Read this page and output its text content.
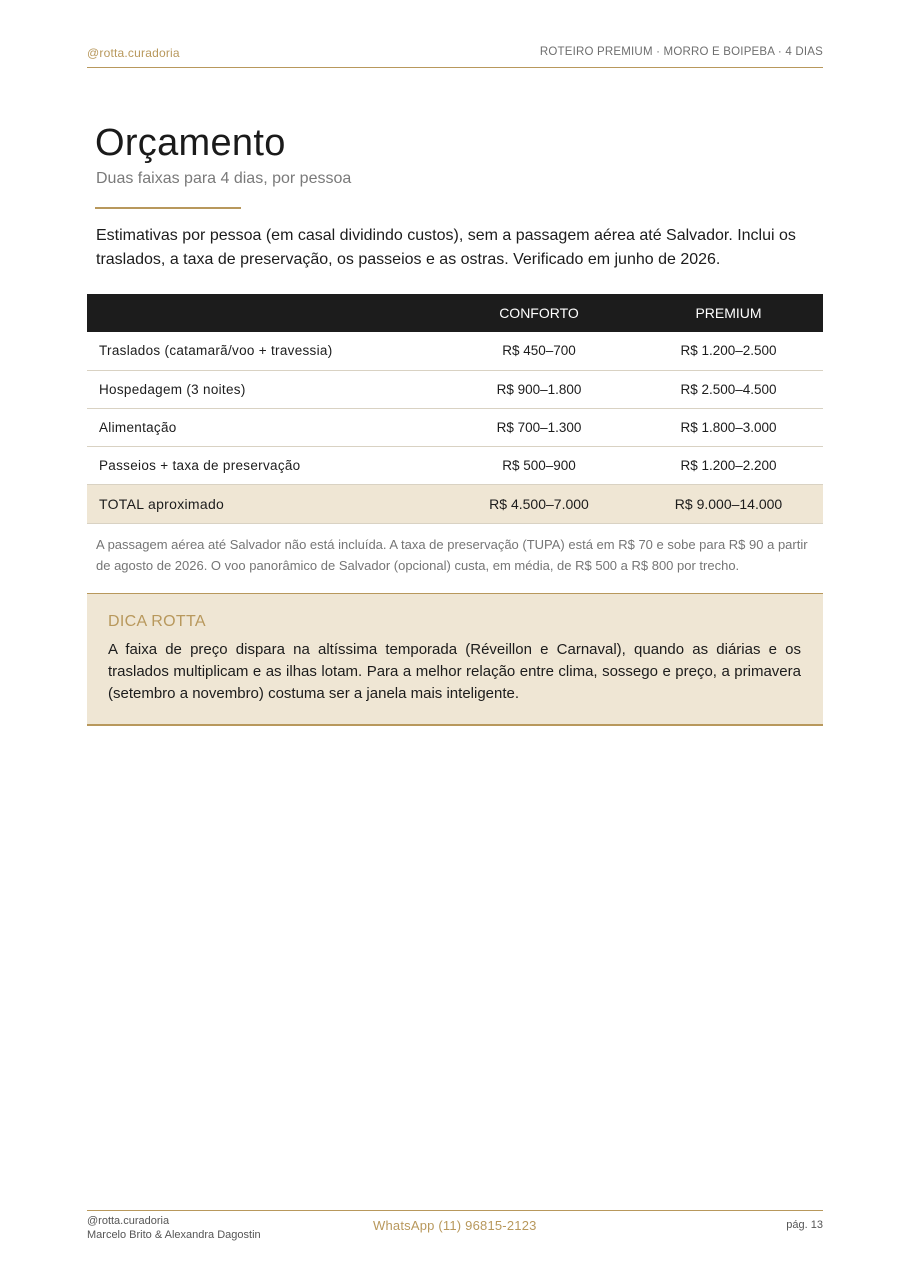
@rotta.curadoria	ROTEIRO PREMIUM · MORRO E BOIPEBA · 4 DIAS
Orçamento
Duas faixas para 4 dias, por pessoa

Estimativas por pessoa (em casal dividindo custos), sem a passagem aérea até Salvador. Inclui os traslados, a taxa de preservação, os passeios e as ostras. Verificado em junho de 2026.

	CONFORTO	PREMIUM
Traslados (catamarã/voo + travessia)	R$ 450–700	R$ 1.200–2.500
Hospedagem (3 noites)	R$ 900–1.800	R$ 2.500–4.500
Alimentação	R$ 700–1.300	R$ 1.800–3.000
Passeios + taxa de preservação	R$ 500–900	R$ 1.200–2.200
TOTAL aproximado	R$ 4.500–7.000	R$ 9.000–14.000

A passagem aérea até Salvador não está incluída. A taxa de preservação (TUPA) está em R$ 70 e sobe para R$ 90 a partir de agosto de 2026. O voo panorâmico de Salvador (opcional) custa, em média, de R$ 500 a R$ 800 por trecho.

DICA ROTTA

A faixa de preço dispara na altíssima temporada (Réveillon e Carnaval), quando as diárias e os traslados multiplicam e as ilhas lotam. Para a melhor relação entre clima, sossego e preço, a primavera (setembro a novembro) costuma ser a janela mais inteligente.

@rotta.curadoria
Marcelo Brito & Alexandra Dagostin
WhatsApp (11) 96815-2123	pág. 13
